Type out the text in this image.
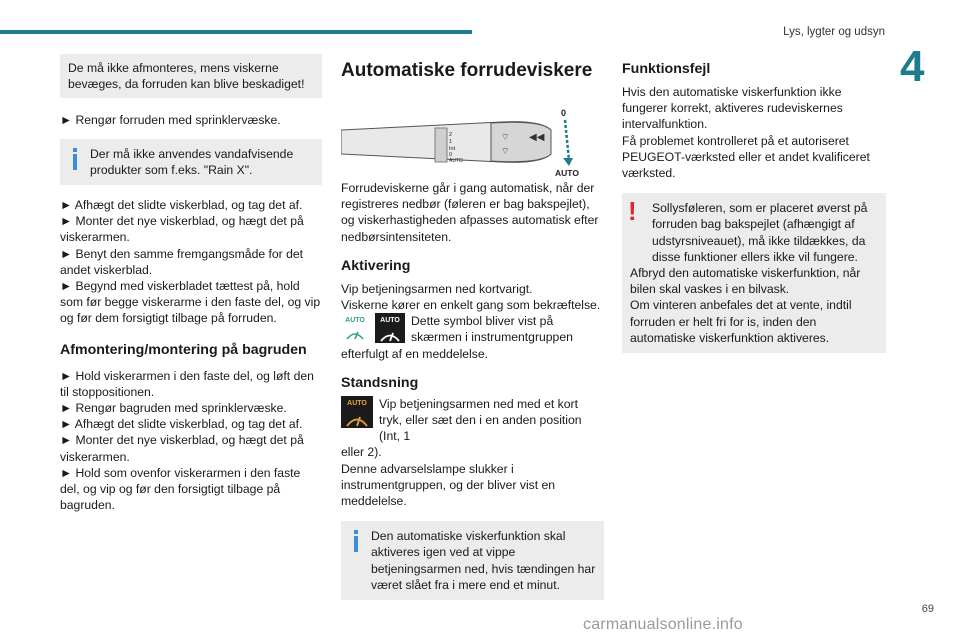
Lys, lygter og udsyn
4

De må ikke afmonteres, mens viskerne bevæges, da forruden kan blive beskadiget!

► Rengør forruden med sprinklervæske.

Der må ikke anvendes vandafvisende produkter som f.eks. "Rain X".

► Afhægt det slidte viskerblad, og tag det af.

► Monter det nye viskerblad, og hægt det på viskerarmen.

► Benyt den samme fremgangsmåde for det andet viskerblad.

► Begynd med viskerbladet tættest på, hold som før begge viskerarme i den faste del, og vip og før dem forsigtigt tilbage på forruden.

Afmontering/montering på bagruden

► Hold viskerarmen i den faste del, og løft den til stoppositionen.

► Rengør bagruden med sprinklervæske.

► Afhægt det slidte viskerblad, og tag det af.

► Monter det nye viskerblad, og hægt det på viskerarmen.

► Hold som ovenfor viskerarmen i den faste del, og vip og før den forsigtigt tilbage på bagruden.

Automatiske forrudeviskere
2
1
Int
0
AUTO
⌔
⌔
◀◀
0
AUTO

Forrudeviskerne går i gang automatisk, når der registreres nedbør (føleren er bag bakspejlet), og viskerhastigheden afpasses automatisk efter nedbørsintensiteten.

Aktivering

Vip betjeningsarmen ned kortvarigt.

Viskerne kører en enkelt gang som bekræftelse.

AUTO	AUTO Dette symbol bliver vist på skærmen i instrumentgruppen

efterfulgt af en meddelelse.

Standsning
AUTO Vip betjeningsarmen ned med et kort tryk, eller sæt den i en anden position (Int, 1

eller 2).

Denne advarselslampe slukker i instrumentgruppen, og der bliver vist en meddelelse.

Den automatiske viskerfunktion skal aktiveres igen ved at vippe betjeningsarmen ned, hvis tændingen har været slået fra i mere end et minut.

Funktionsfejl

Hvis den automatiske viskerfunktion ikke fungerer korrekt, aktiveres rudeviskernes intervalfunktion.

Få problemet kontrolleret på et autoriseret PEUGEOT-værksted eller et andet kvalificeret værksted.

!	Sollysføleren, som er placeret øverst på forruden bag bakspejlet (afhængigt af udstyrsniveauet), må ikke tildækkes, da disse funktioner ellers ikke vil fungere.

Afbryd den automatiske viskerfunktion, når bilen skal vaskes i en bilvask.

Om vinteren anbefales det at vente, indtil forruden er helt fri for is, inden den automatiske viskerfunktion aktiveres.

69
carmanualsonline.info
